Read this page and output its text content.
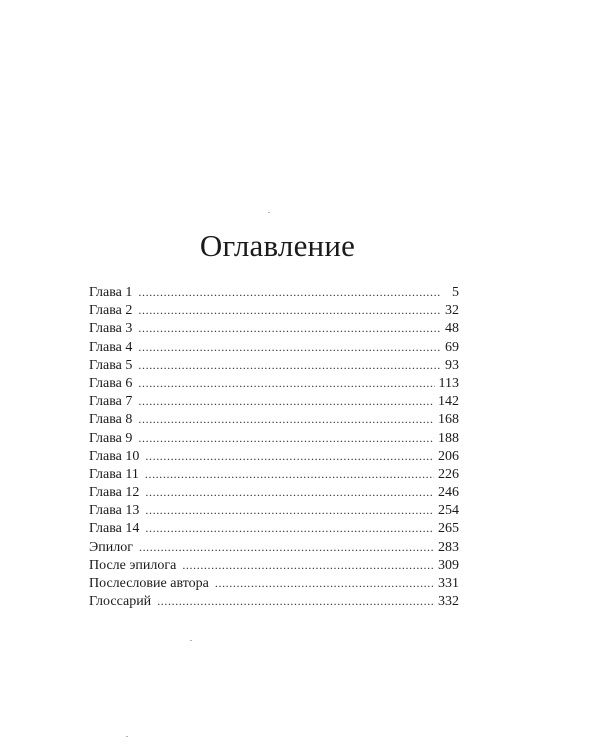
Оглавление
Глава 1 . . .	5
Глава 2 . . .	32
Глава 3 . . .	48
Глава 4 . . .	69
Глава 5 . . .	93
Глава 6 . . .	113
Глава 7 . . .	142
Глава 8 . . .	168
Глава 9 . . .	188
Глава 10 . . .	206
Глава 11 . . .	226
Глава 12 . . .	246
Глава 13 . . .	254
Глава 14 . . .	265
Эпилог . . .	283
После эпилога . . .	309
Послесловие автора . . .	331
Глоссарий . . .	332
